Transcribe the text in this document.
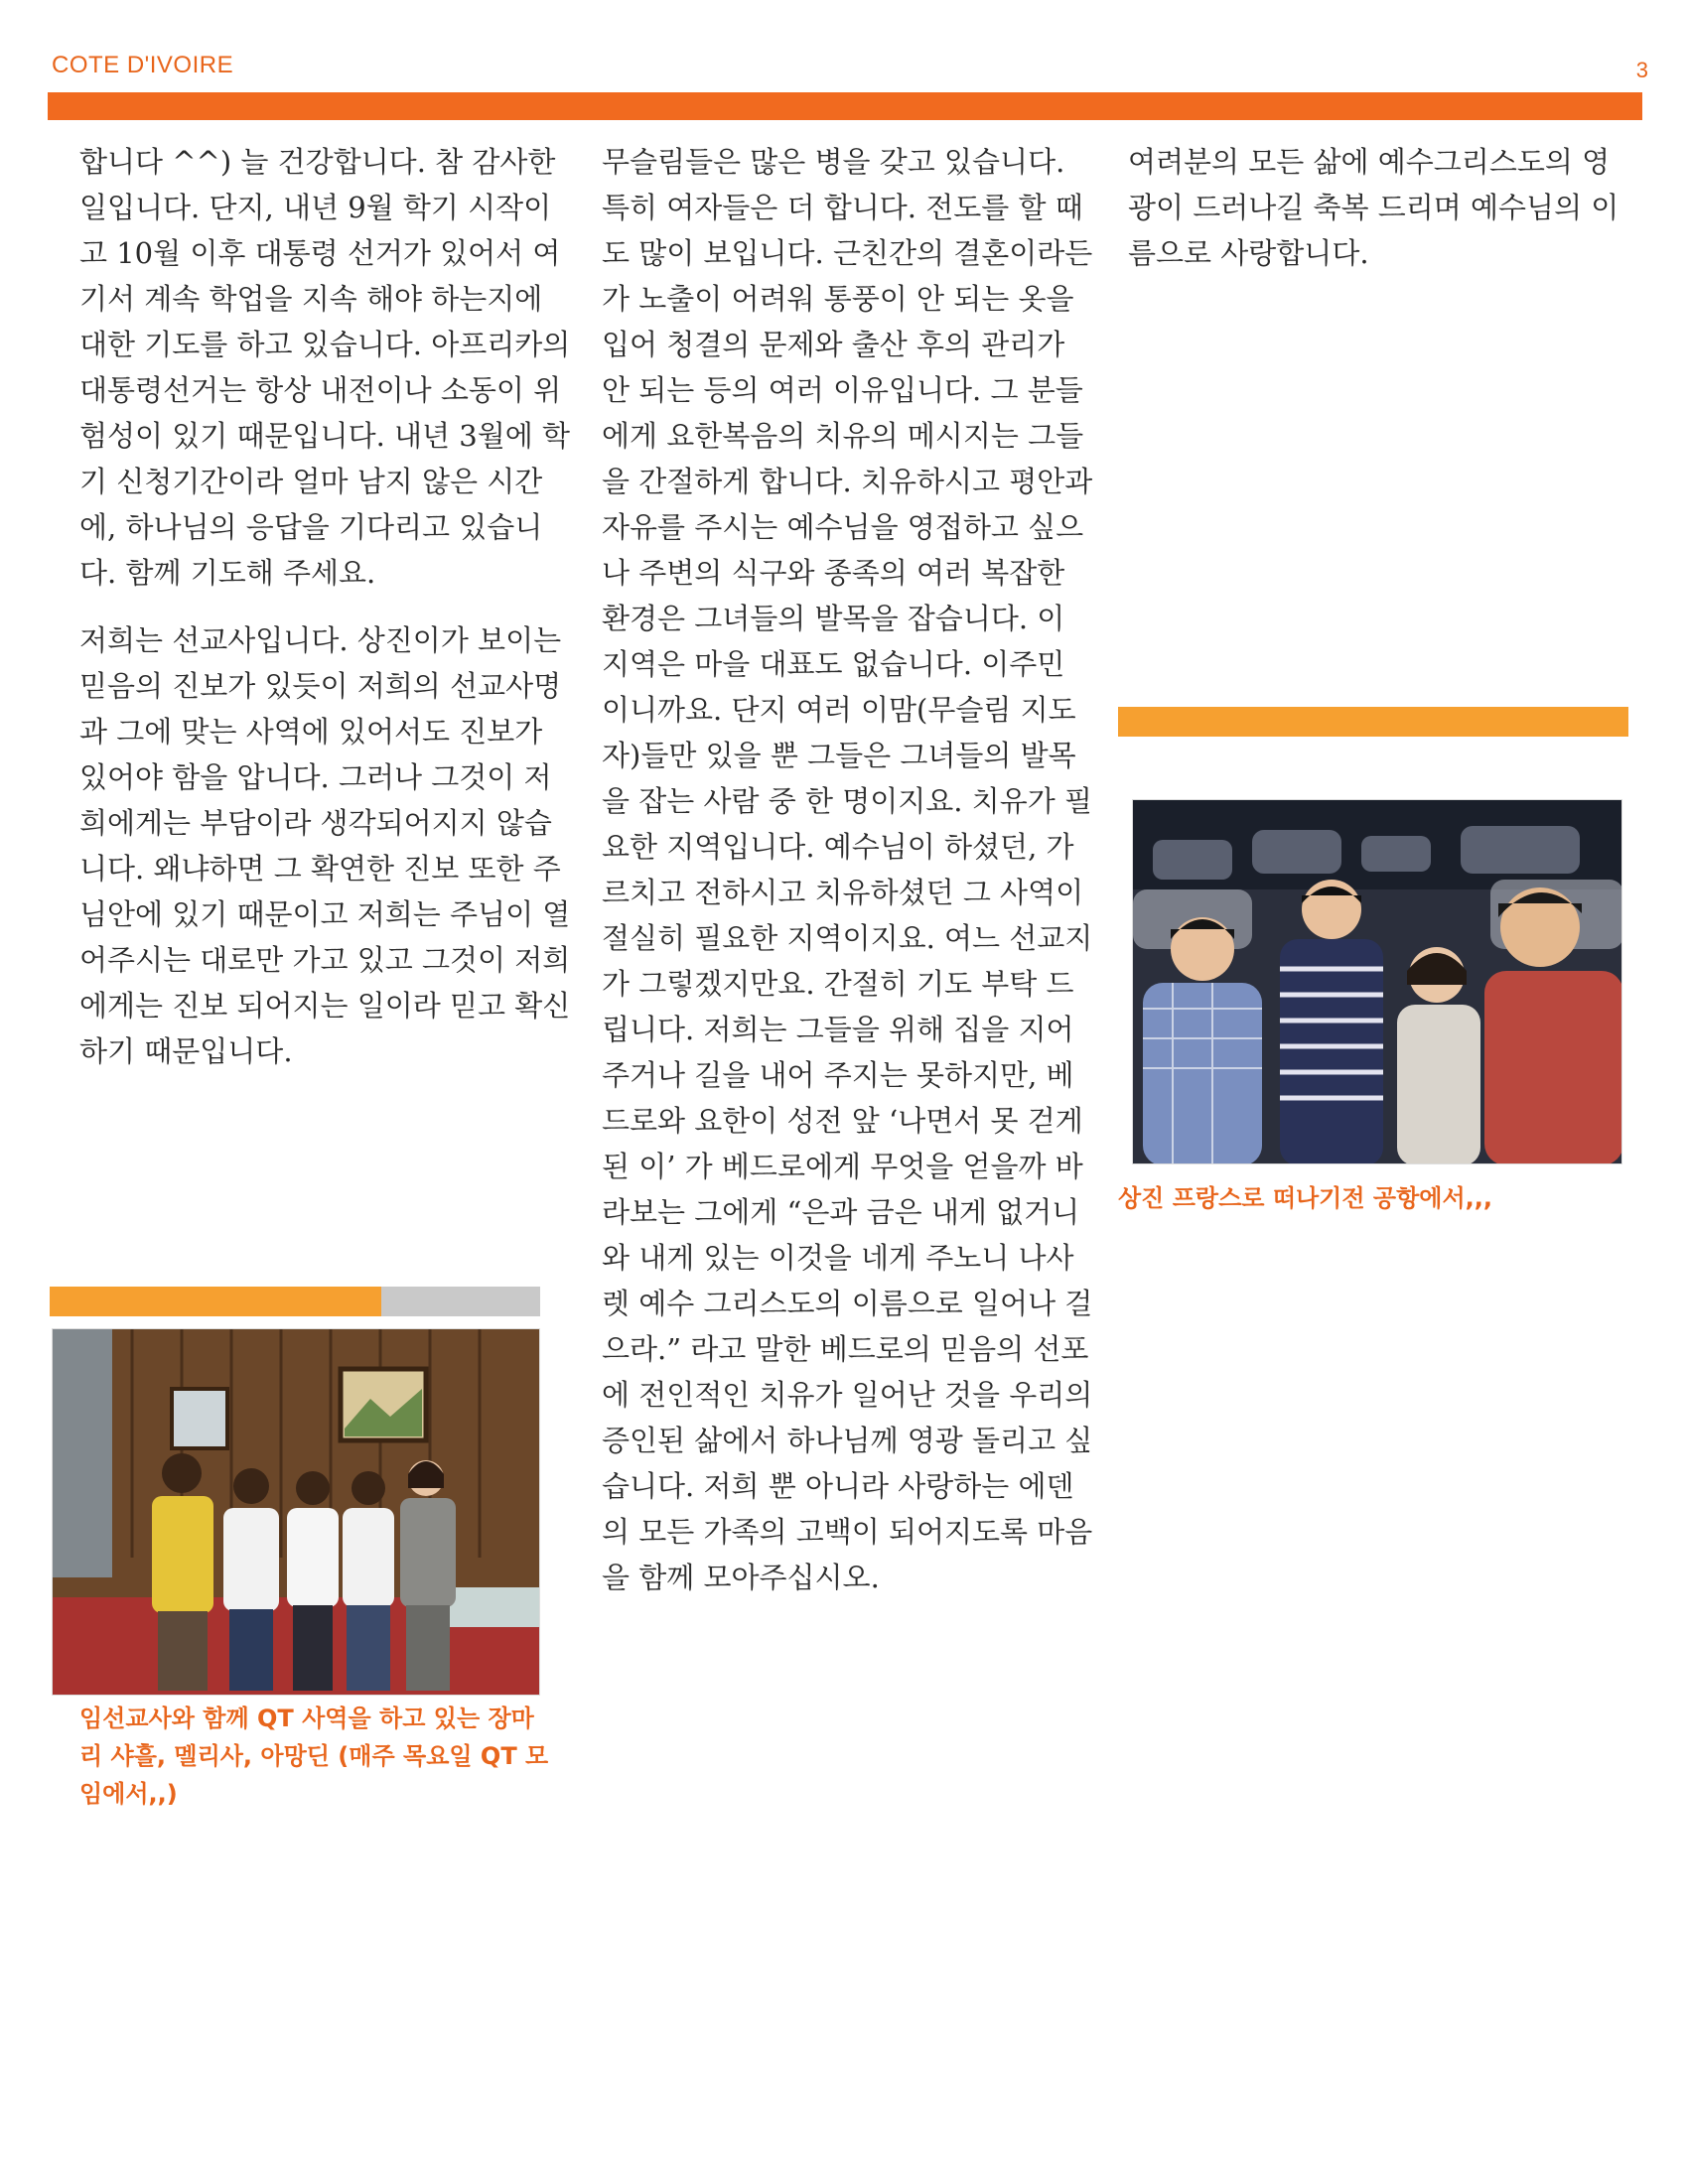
COTE D'IVOIRE	3

합니다 ^^) 늘 건강합니다. 참 감사한 일입니다. 단지, 내년 9월 학기 시작이고 10월 이후 대통령 선거가 있어서 여기서 계속 학업을 지속 해야 하는지에 대한 기도를 하고 있습니다. 아프리카의 대통령선거는 항상 내전이나 소동이 위험성이 있기 때문입니다. 내년 3월에 학기 신청기간이라 얼마 남지 않은 시간에, 하나님의 응답을 기다리고 있습니다. 함께 기도해 주세요.

저희는 선교사입니다. 상진이가 보이는 믿음의 진보가 있듯이 저희의 선교사명과 그에 맞는 사역에 있어서도 진보가 있어야 함을 압니다. 그러나 그것이 저희에게는 부담이라 생각되어지지 않습니다. 왜냐하면 그 확연한 진보 또한 주님안에 있기 때문이고 저희는 주님이 열어주시는 대로만 가고 있고 그것이 저희에게는 진보 되어지는 일이라 믿고 확신하기 때문입니다.

무슬림들은 많은 병을 갖고 있습니다. 특히 여자들은 더 합니다. 전도를 할 때도 많이 보입니다. 근친간의 결혼이라든가 노출이 어려워 통풍이 안 되는 옷을 입어 청결의 문제와 출산 후의 관리가 안 되는 등의 여러 이유입니다. 그 분들에게 요한복음의 치유의 메시지는 그들을 간절하게 합니다. 치유하시고 평안과 자유를 주시는 예수님을 영접하고 싶으나 주변의 식구와 종족의 여러 복잡한 환경은 그녀들의 발목을 잡습니다. 이 지역은 마을 대표도 없습니다. 이주민 이니까요. 단지 여러 이맘(무슬림 지도자)들만 있을 뿐 그들은 그녀들의 발목을 잡는 사람 중 한 명이지요. 치유가 필요한 지역입니다. 예수님이 하셨던, 가르치고 전하시고 치유하셨던 그 사역이 절실히 필요한 지역이지요. 여느 선교지가 그렇겠지만요. 간절히 기도 부탁 드립니다. 저희는 그들을 위해 집을 지어주거나 길을 내어 주지는 못하지만, 베드로와 요한이 성전 앞 ‘나면서 못 걷게 된 이’ 가 베드로에게 무엇을 얻을까 바라보는 그에게 “은과 금은 내게 없거니와 내게 있는 이것을 네게 주노니 나사렛 예수 그리스도의 이름으로 일어나 걸으라.” 라고 말한 베드로의 믿음의 선포에 전인적인 치유가 일어난 것을 우리의 증인된 삶에서 하나님께 영광 돌리고 싶습니다. 저희 뿐 아니라 사랑하는 에덴의 모든 가족의 고백이 되어지도록 마음을 함께 모아주십시오.

여려분의 모든 삶에 예수그리스도의 영광이 드러나길 축복 드리며 예수님의 이름으로 사랑합니다.

임선교사와 함께 QT 사역을 하고 있는 장마리 샤흘, 멜리사, 아망딘 (매주 목요일 QT 모임에서,,)
상진 프랑스로 떠나기전 공항에서,,,
